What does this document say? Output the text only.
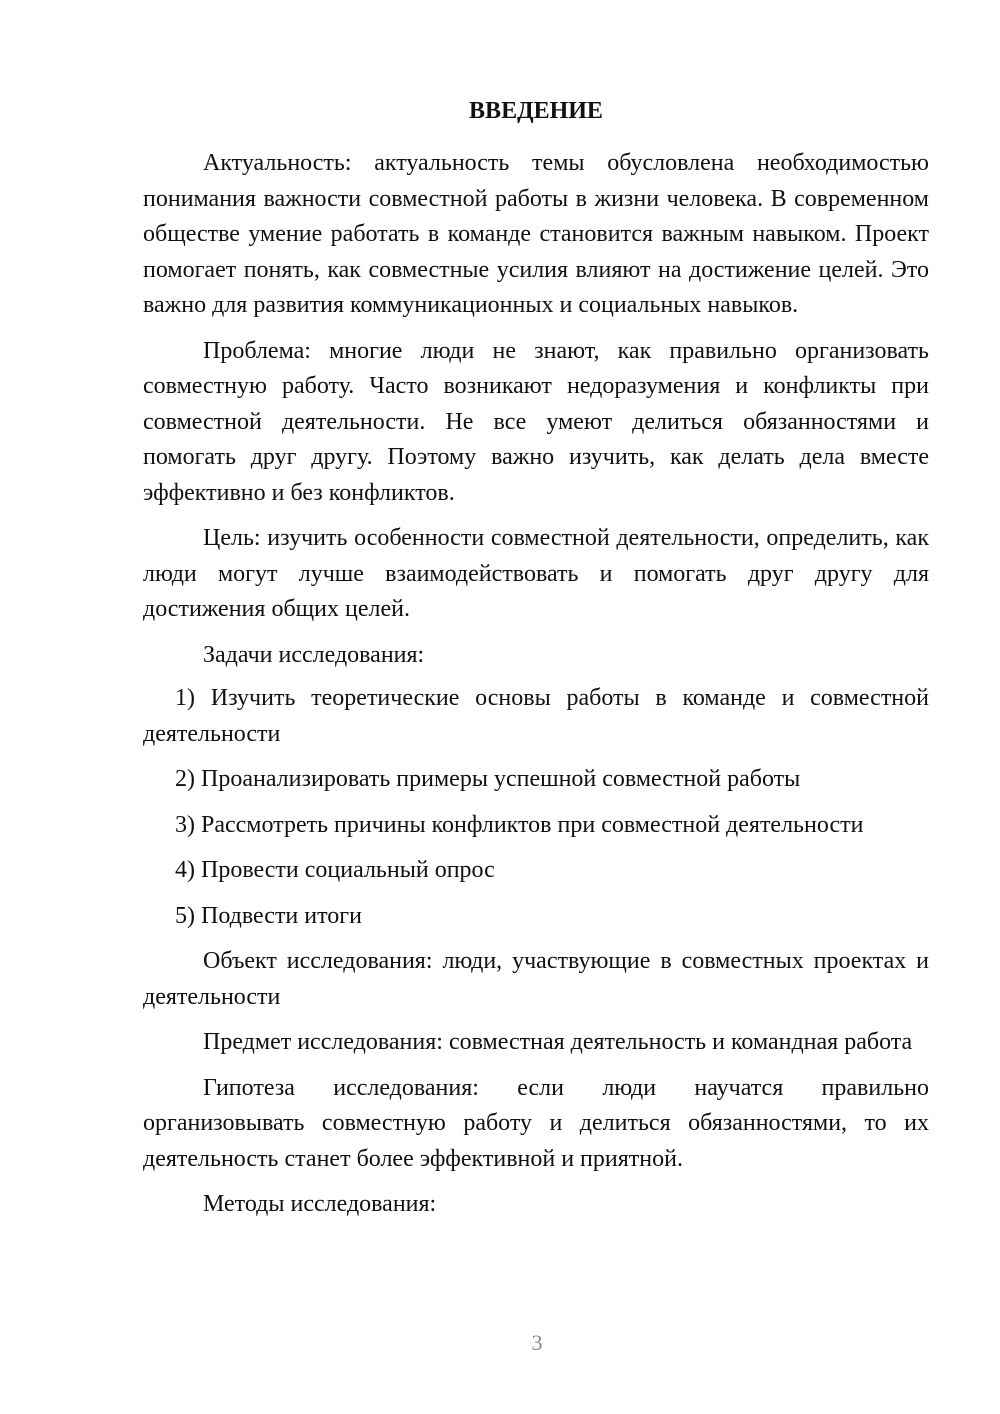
ВВЕДЕНИЕ

Актуальность: актуальность темы обусловлена необходимостью понимания важности совместной работы в жизни человека. В современном обществе умение работать в команде становится важным навыком. Проект помогает понять, как совместные усилия влияют на достижение целей. Это важно для развития коммуникационных и социальных навыков.

Проблема: многие люди не знают, как правильно организовать совместную работу. Часто возникают недоразумения и конфликты при совместной деятельности. Не все умеют делиться обязанностями и помогать друг другу. Поэтому важно изучить, как делать дела вместе эффективно и без конфликтов.

Цель: изучить особенности совместной деятельности, определить, как люди могут лучше взаимодействовать и помогать друг другу для достижения общих целей.

Задачи исследования:

1) Изучить теоретические основы работы в команде и совместной деятельности

2) Проанализировать примеры успешной совместной работы

3) Рассмотреть причины конфликтов при совместной деятельности

4) Провести социальный опрос

5) Подвести итоги

Объект исследования: люди, участвующие в совместных проектах и деятельности

Предмет исследования: совместная деятельность и командная работа

Гипотеза исследования: если люди научатся правильно организовывать совместную работу и делиться обязанностями, то их деятельность станет более эффективной и приятной.

Методы исследования:

3
